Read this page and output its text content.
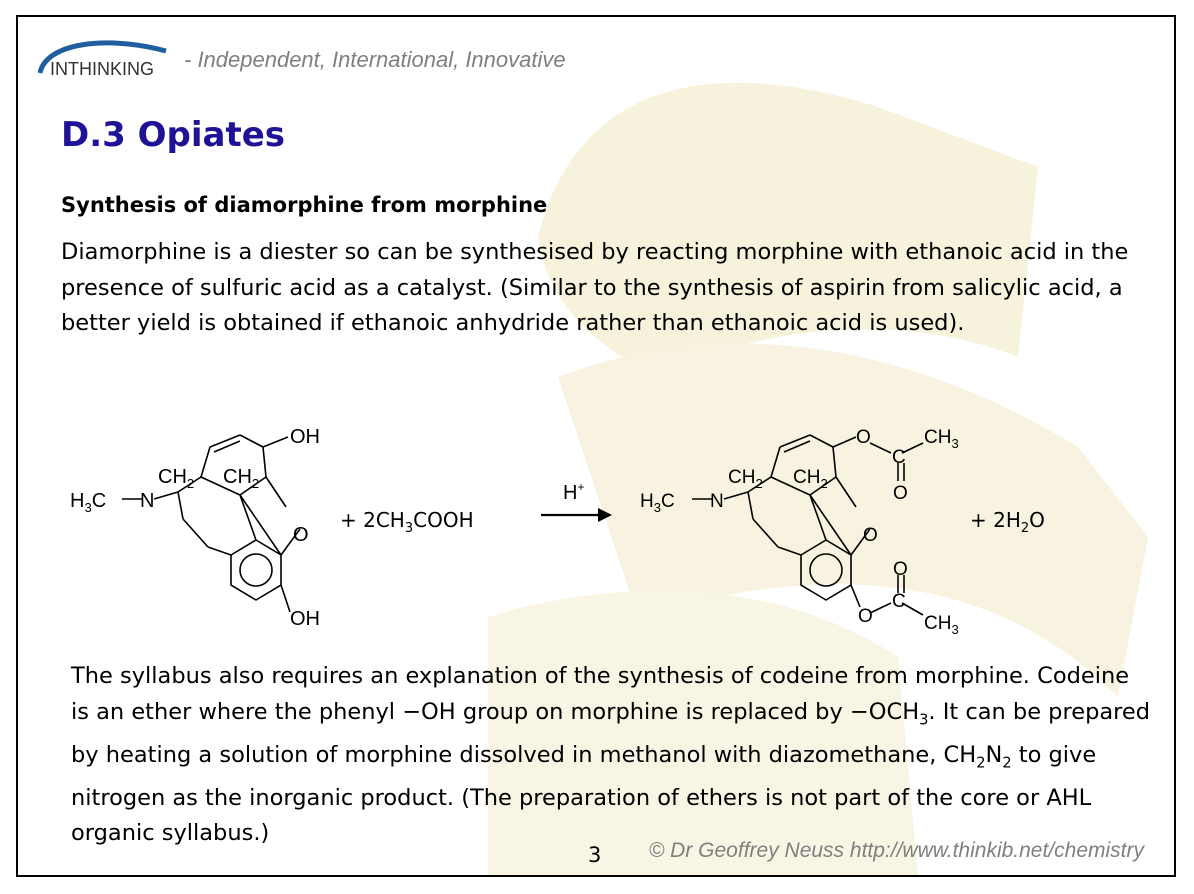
INTHINKING - Independent, International, Innovative
D.3 Opiates
Synthesis of diamorphine from morphine

Diamorphine is a diester so can be synthesised by reacting morphine with ethanoic acid in the presence of sulfuric acid as a catalyst. (Similar to the synthesis of aspirin from salicylic acid, a better yield is obtained if ethanoic anhydride rather than ethanoic acid is used).

$H_3C$ N
$CH_2$ $CH_2$
OH
O
OH
+ $2CH_3COOH$
H+
$H_3C$ N
$CH_2$ $CH_2$
O
C
O
$CH_3$
O
O
C
O	$CH_3$
+ $2H_2O$

The syllabus also requires an explanation of the synthesis of codeine from morphine. Codeine is an ether where the phenyl −OH group on morphine is replaced by $-OCH_3$. It can be prepared by heating a solution of morphine dissolved in methanol with diazomethane, $CH_2N_2$ to give nitrogen as the inorganic product. (The preparation of ethers is not part of the core or AHL organic syllabus.)

3 © Dr Geoffrey Neuss http://www.thinkib.net/chemistry
